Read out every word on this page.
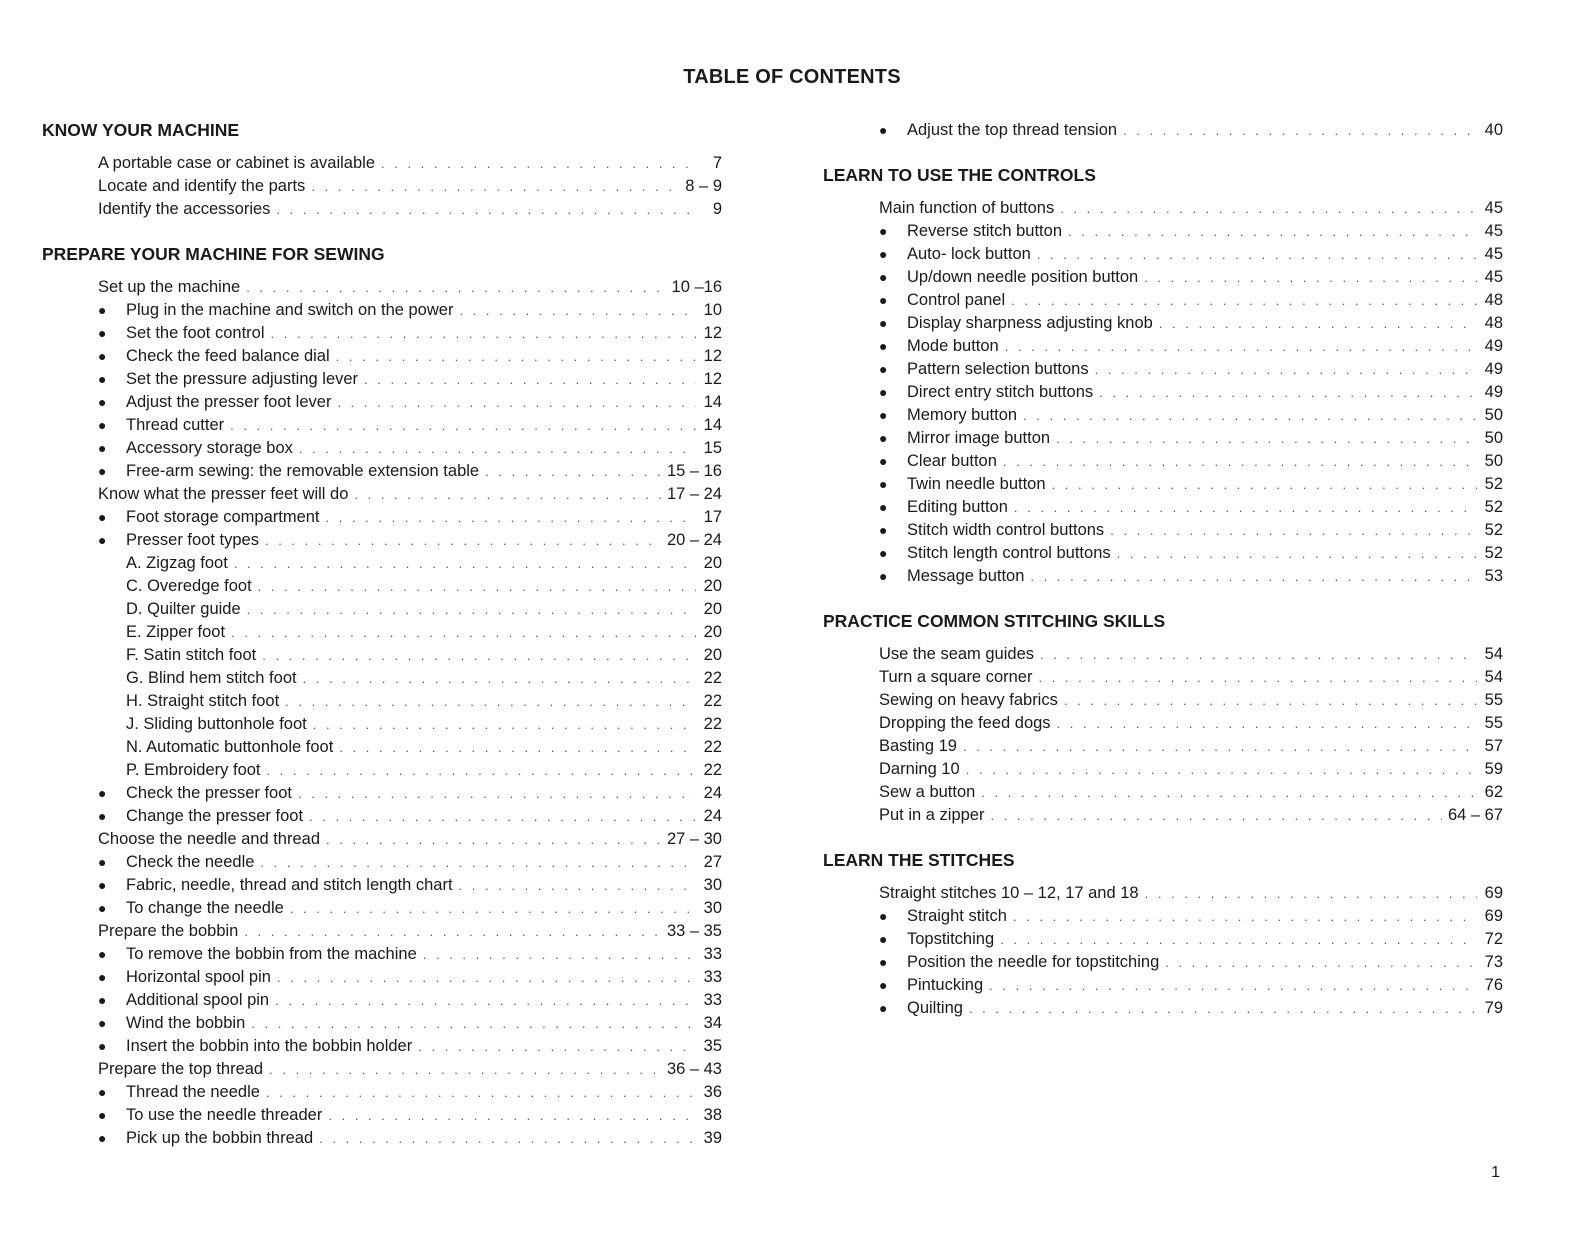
TABLE OF CONTENTS
KNOW YOUR MACHINE
A portable case or cabinet is available . . .	7
Locate and identify the parts . . .	8 – 9
Identify the accessories . . .	9
PREPARE YOUR MACHINE FOR SEWING
Set up the machine . . .	10 –16
●	Plug in the machine and switch on the power . . .	10
●	Set the foot control . . .	12
●	Check the feed balance dial . . .	12
●	Set the pressure adjusting lever . . .	12
●	Adjust the presser foot lever . . .	14
●	Thread cutter . . .	14
●	Accessory storage box . . .	15
●	Free-arm sewing: the removable extension table . . .	15 – 16
Know what the presser feet will do . . .	17 – 24
●	Foot storage compartment . . .	17
●	Presser foot types . . .	20 – 24
A. Zigzag foot . . .	20
C. Overedge foot . . .	20
D. Quilter guide . . .	20
E. Zipper foot . . .	20
F. Satin stitch foot . . .	20
G. Blind hem stitch foot . . .	22
H. Straight stitch foot . . .	22
J. Sliding buttonhole foot . . .	22
N. Automatic buttonhole foot . . .	22
P. Embroidery foot . . .	22
●	Check the presser foot . . .	24
●	Change the presser foot . . .	24
Choose the needle and thread . . .	27 – 30
●	Check the needle . . .	27
●	Fabric, needle, thread and stitch length chart . . .	30
●	To change the needle . . .	30
Prepare the bobbin . . .	33 – 35
●	To remove the bobbin from the machine . . .	33
●	Horizontal spool pin . . .	33
●	Additional spool pin . . .	33
●	Wind the bobbin . . .	34
●	Insert the bobbin into the bobbin holder . . .	35
Prepare the top thread . . .	36 – 43
●	Thread the needle . . .	36
●	To use the needle threader . . .	38
●	Pick up the bobbin thread . . .	39
●	Adjust the top thread tension . . .	40
LEARN TO USE THE CONTROLS
Main function of buttons . . .	45
●	Reverse stitch button . . .	45
●	Auto- lock button . . .	45
●	Up/down needle position button . . .	45
●	Control panel . . .	48
●	Display sharpness adjusting knob . . .	48
●	Mode button . . .	49
●	Pattern selection buttons . . .	49
●	Direct entry stitch buttons . . .	49
●	Memory button . . .	50
●	Mirror image button . . .	50
●	Clear button . . .	50
●	Twin needle button . . .	52
●	Editing button . . .	52
●	Stitch width control buttons . . .	52
●	Stitch length control buttons . . .	52
●	Message button . . .	53
PRACTICE COMMON STITCHING SKILLS
Use the seam guides . . .	54
Turn a square corner . . .	54
Sewing on heavy fabrics . . .	55
Dropping the feed dogs . . .	55
Basting 19 . . .	57
Darning 10 . . .	59
Sew a button . . .	62
Put in a zipper . . .	64 – 67
LEARN THE STITCHES
Straight stitches 10 – 12, 17 and 18 . . .	69
●	Straight stitch . . .	69
●	Topstitching . . .	72
●	Position the needle for topstitching . . .	73
●	Pintucking . . .	76
●	Quilting . . .	79
1
